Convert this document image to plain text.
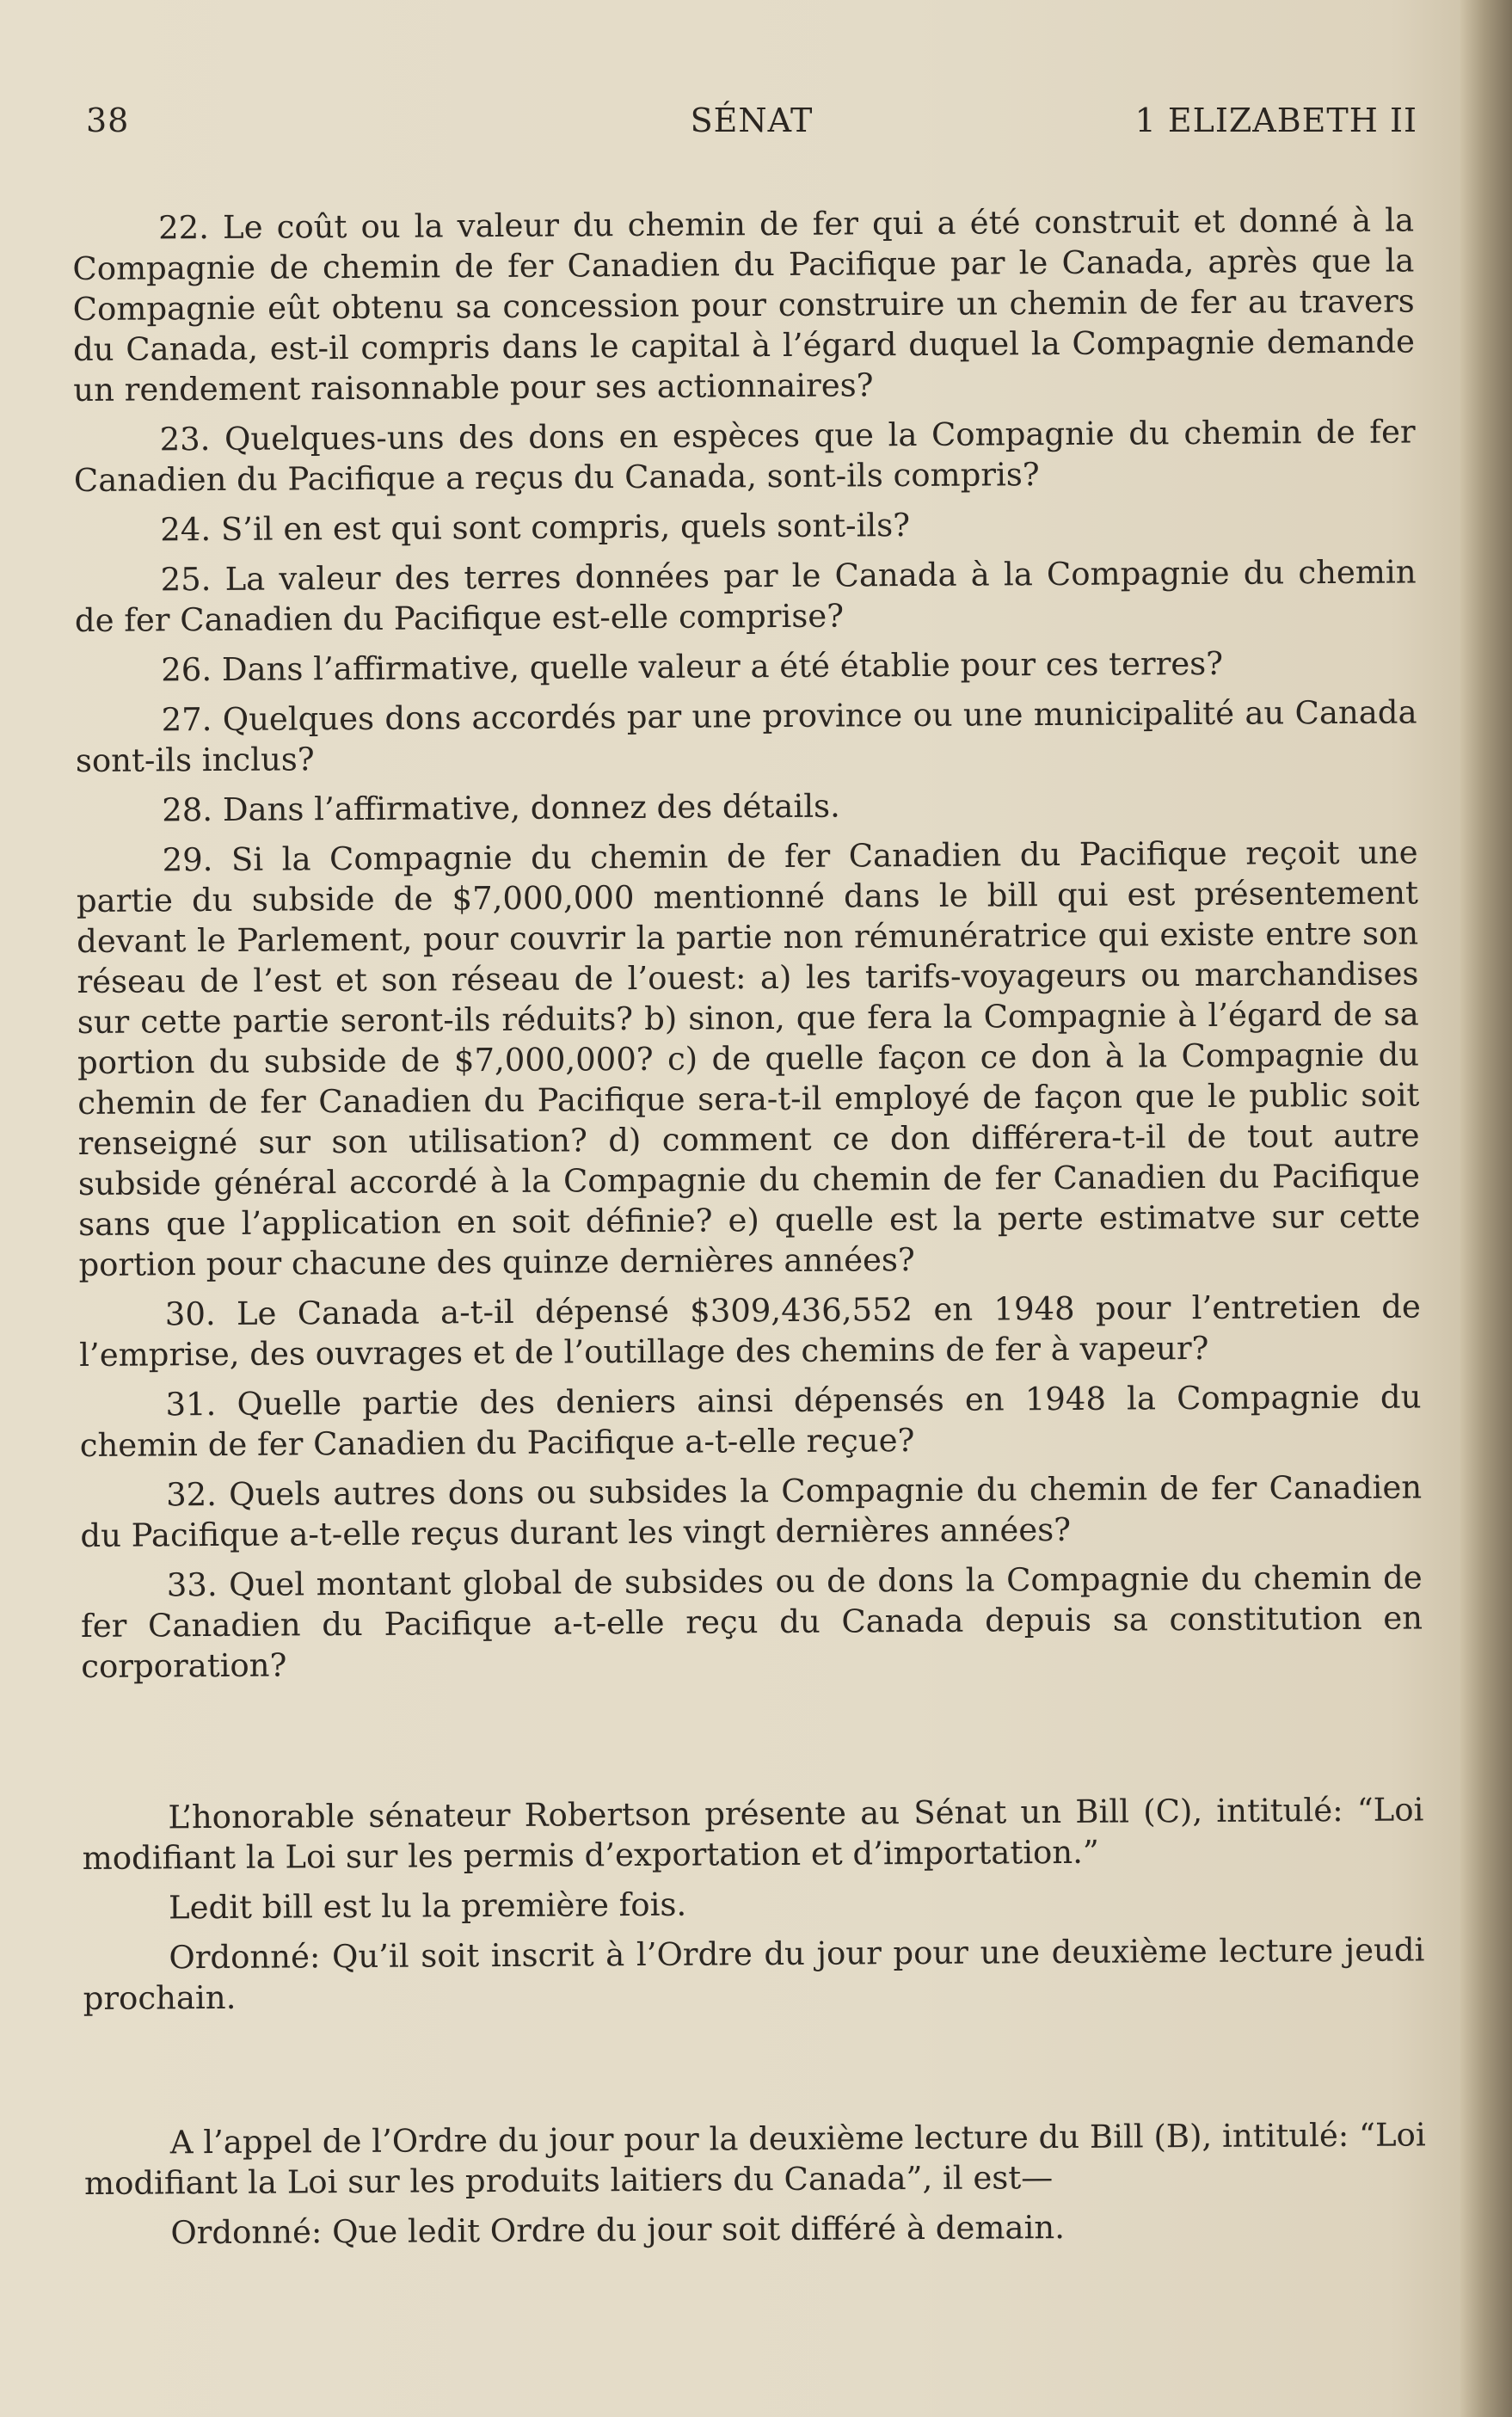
38	SÉNAT	1 ELIZABETH II

22. Le coût ou la valeur du chemin de fer qui a été construit et donné à la Compagnie de chemin de fer Canadien du Pacifique par le Canada, après que la Compagnie eût obtenu sa concession pour construire un chemin de fer au travers du Canada, est-il compris dans le capital à l’égard duquel la Compagnie demande un rendement raisonnable pour ses actionnaires?

23. Quelques-uns des dons en espèces que la Compagnie du chemin de fer Canadien du Pacifique a reçus du Canada, sont-ils compris?

24. S’il en est qui sont compris, quels sont-ils?

25. La valeur des terres données par le Canada à la Compagnie du chemin de fer Canadien du Pacifique est-elle comprise?

26. Dans l’affirmative, quelle valeur a été établie pour ces terres?

27. Quelques dons accordés par une province ou une municipalité au Canada sont-ils inclus?

28. Dans l’affirmative, donnez des détails.

29. Si la Compagnie du chemin de fer Canadien du Pacifique reçoit une partie du subside de $7,000,000 mentionné dans le bill qui est présentement devant le Parlement, pour couvrir la partie non rémunératrice qui existe entre son réseau de l’est et son réseau de l’ouest: a) les tarifs-voyageurs ou marchandises sur cette partie seront-ils réduits? b) sinon, que fera la Compagnie à l’égard de sa portion du subside de $7,000,000? c) de quelle façon ce don à la Compagnie du chemin de fer Canadien du Pacifique sera-t-il employé de façon que le public soit renseigné sur son utilisation? d) comment ce don différera-t-il de tout autre subside général accordé à la Compagnie du chemin de fer Canadien du Pacifique sans que l’application en soit définie? e) quelle est la perte estimatve sur cette portion pour chacune des quinze dernières années?

30. Le Canada a-t-il dépensé $309,436,552 en 1948 pour l’entretien de l’emprise, des ouvrages et de l’outillage des chemins de fer à vapeur?

31. Quelle partie des deniers ainsi dépensés en 1948 la Compagnie du chemin de fer Canadien du Pacifique a-t-elle reçue?

32. Quels autres dons ou subsides la Compagnie du chemin de fer Canadien du Pacifique a-t-elle reçus durant les vingt dernières années?

33. Quel montant global de subsides ou de dons la Compagnie du chemin de fer Canadien du Pacifique a-t-elle reçu du Canada depuis sa constitution en corporation?

L’honorable sénateur Robertson présente au Sénat un Bill (C), intitulé: “Loi modifiant la Loi sur les permis d’exportation et d’importation.”

Ledit bill est lu la première fois.

Ordonné: Qu’il soit inscrit à l’Ordre du jour pour une deuxième lecture jeudi prochain.

A l’appel de l’Ordre du jour pour la deuxième lecture du Bill (B), intitulé: “Loi modifiant la Loi sur les produits laitiers du Canada”, il est—

Ordonné: Que ledit Ordre du jour soit différé à demain.
